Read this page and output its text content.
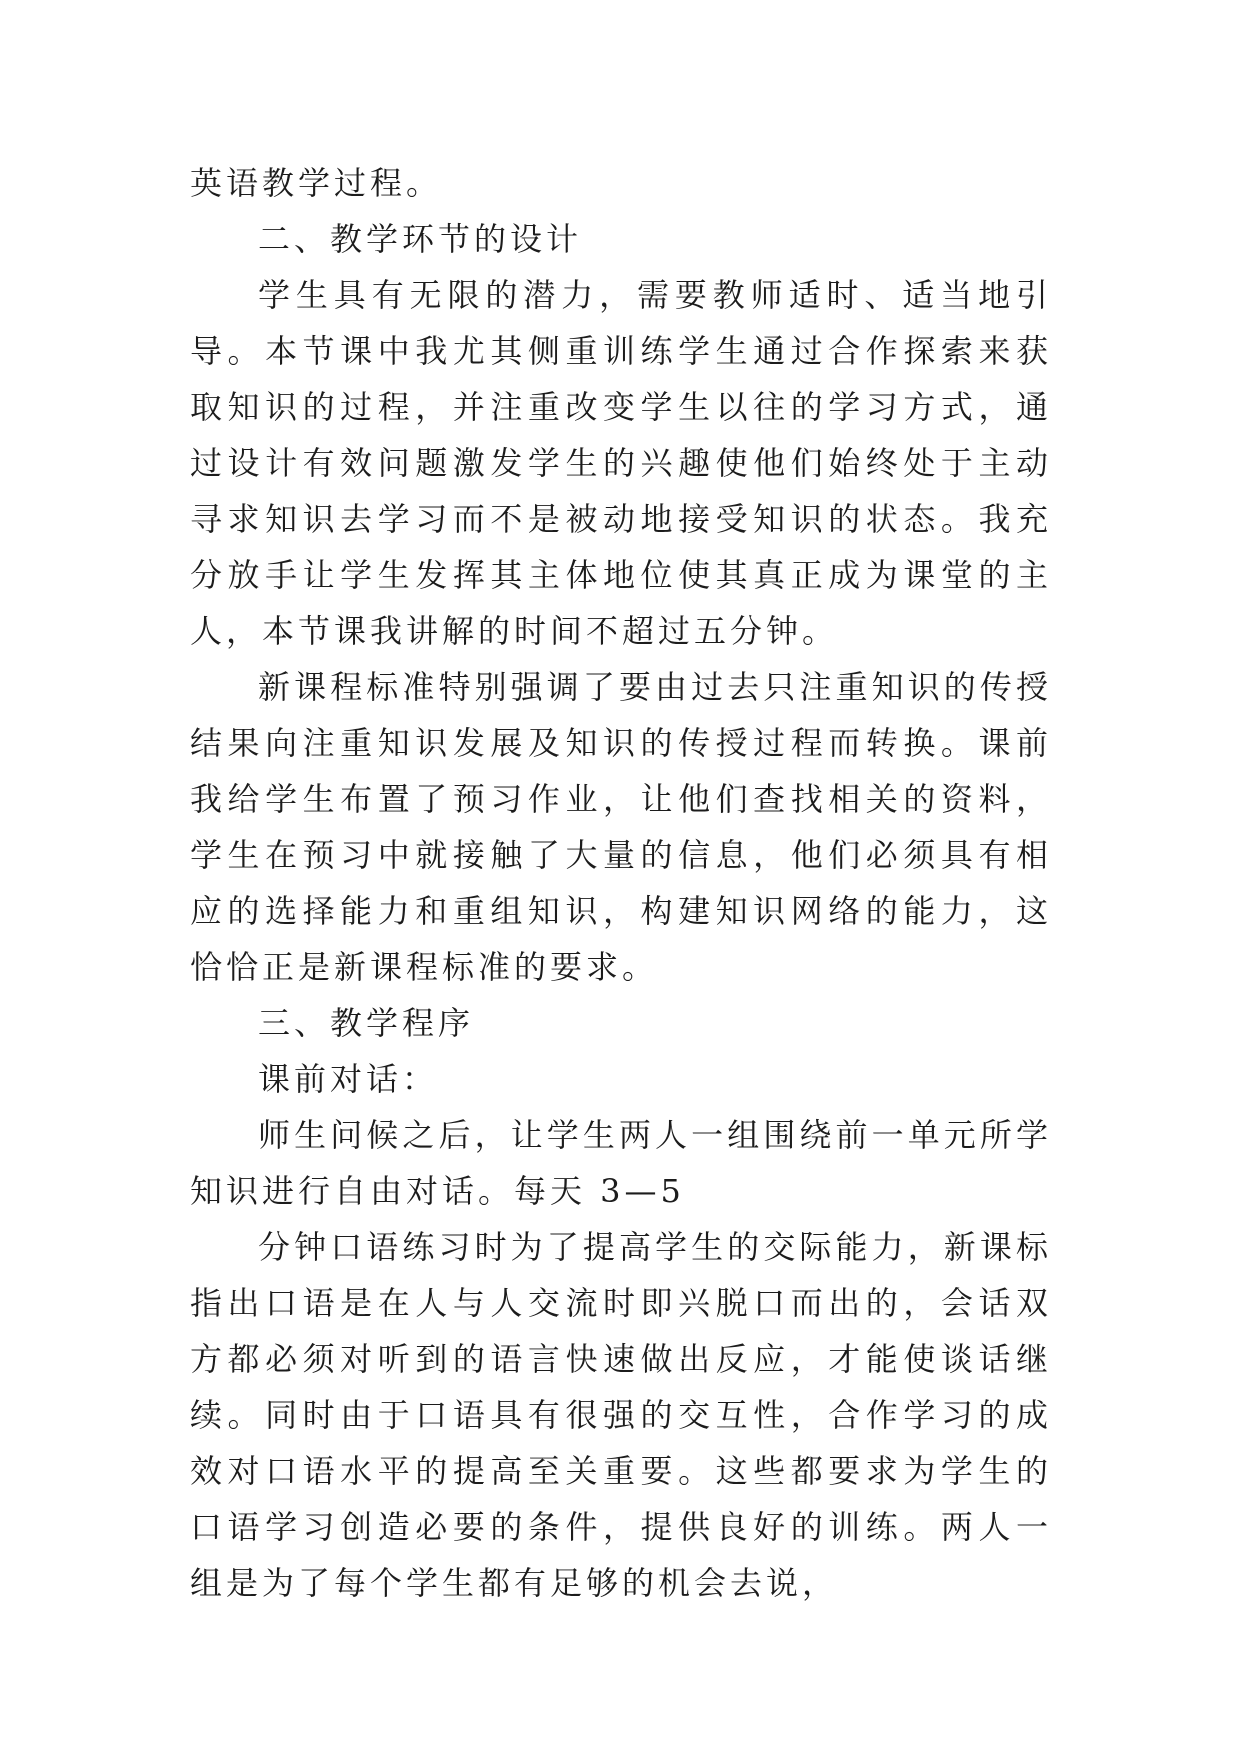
英语教学过程。

二、教学环节的设计

学生具有无限的潜力，需要教师适时、适当地引导。本节课中我尤其侧重训练学生通过合作探索来获取知识的过程，并注重改变学生以往的学习方式，通过设计有效问题激发学生的兴趣使他们始终处于主动寻求知识去学习而不是被动地接受知识的状态。我充分放手让学生发挥其主体地位使其真正成为课堂的主人，本节课我讲解的时间不超过五分钟。

新课程标准特别强调了要由过去只注重知识的传授结果向注重知识发展及知识的传授过程而转换。课前我给学生布置了预习作业，让他们查找相关的资料，学生在预习中就接触了大量的信息，他们必须具有相应的选择能力和重组知识，构建知识网络的能力，这恰恰正是新课程标准的要求。

三、教学程序

课前对话：

师生问候之后，让学生两人一组围绕前一单元所学知识进行自由对话。每天 3—5

分钟口语练习时为了提高学生的交际能力，新课标指出口语是在人与人交流时即兴脱口而出的，会话双方都必须对听到的语言快速做出反应，才能使谈话继续。同时由于口语具有很强的交互性，合作学习的成效对口语水平的提高至关重要。这些都要求为学生的口语学习创造必要的条件，提供良好的训练。两人一组是为了每个学生都有足够的机会去说，
